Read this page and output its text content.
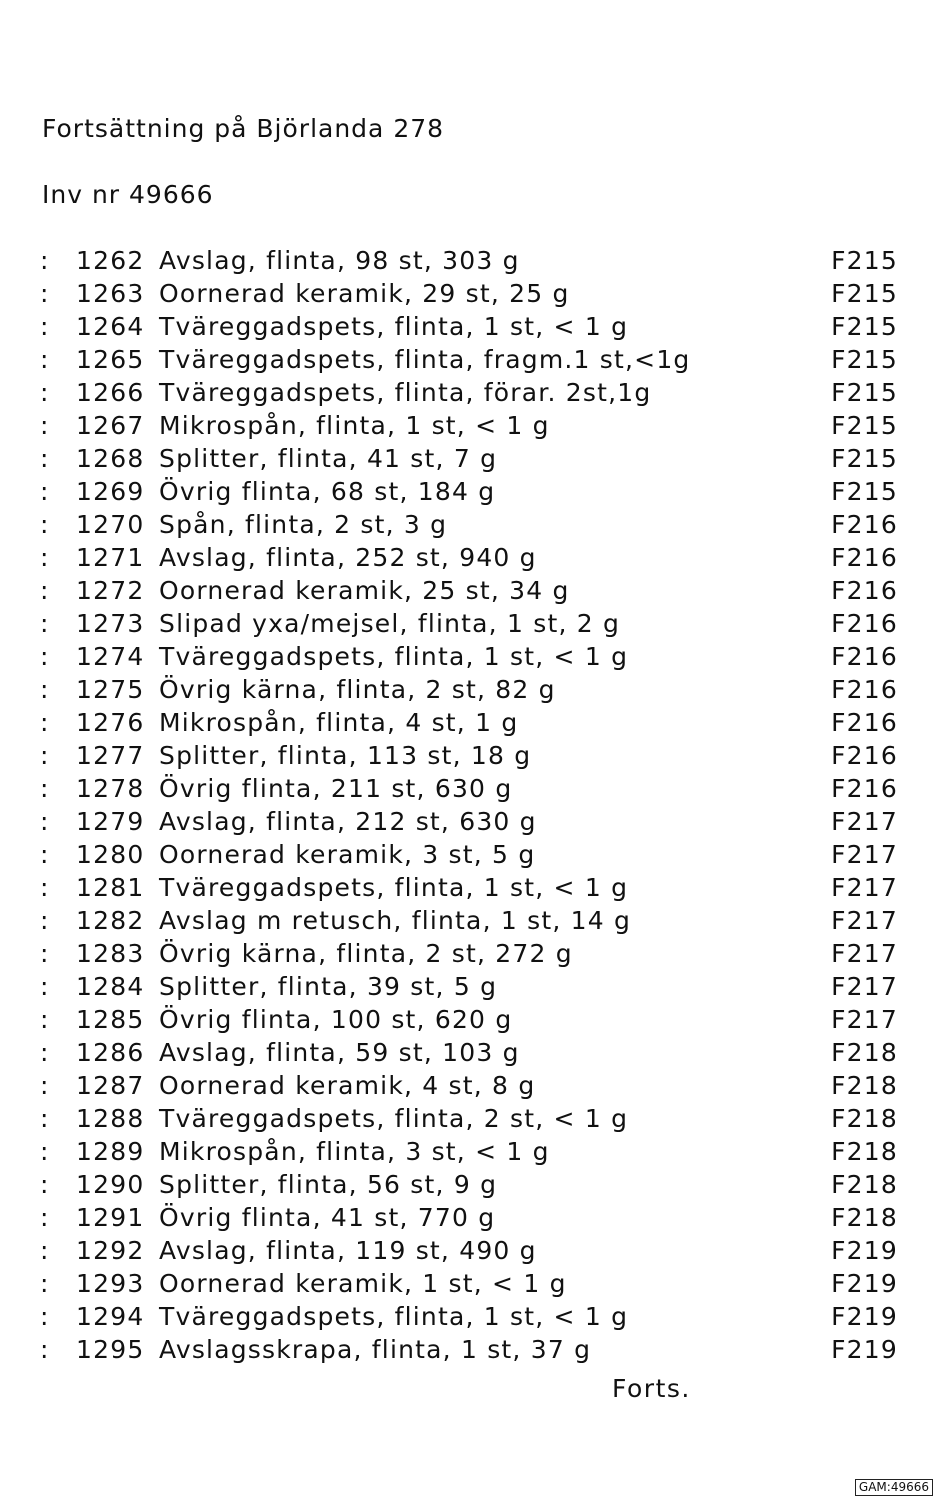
Fortsättning på Björlanda 278
Inv nr 49666
: 1262 Avslag, flinta, 98 st, 303 g	F215
: 1263 Oornerad keramik, 29 st, 25 g	F215
: 1264 Tväreggadspets, flinta, 1 st, < 1 g	F215
: 1265 Tväreggadspets, flinta, fragm.1 st,<1g	F215
: 1266 Tväreggadspets, flinta, förar. 2st,1g	F215
: 1267 Mikrospån, flinta, 1 st, < 1 g	F215
: 1268 Splitter, flinta, 41 st, 7 g	F215
: 1269 Övrig flinta, 68 st, 184 g	F215
: 1270 Spån, flinta, 2 st, 3 g	F216
: 1271 Avslag, flinta, 252 st, 940 g	F216
: 1272 Oornerad keramik, 25 st, 34 g	F216
: 1273 Slipad yxa/mejsel, flinta, 1 st, 2 g	F216
: 1274 Tväreggadspets, flinta, 1 st, < 1 g	F216
: 1275 Övrig kärna, flinta, 2 st, 82 g	F216
: 1276 Mikrospån, flinta, 4 st, 1 g	F216
: 1277 Splitter, flinta, 113 st, 18 g	F216
: 1278 Övrig flinta, 211 st, 630 g	F216
: 1279 Avslag, flinta, 212 st, 630 g	F217
: 1280 Oornerad keramik, 3 st, 5 g	F217
: 1281 Tväreggadspets, flinta, 1 st, < 1 g	F217
: 1282 Avslag m retusch, flinta, 1 st, 14 g	F217
: 1283 Övrig kärna, flinta, 2 st, 272 g	F217
: 1284 Splitter, flinta, 39 st, 5 g	F217
: 1285 Övrig flinta, 100 st, 620 g	F217
: 1286 Avslag, flinta, 59 st, 103 g	F218
: 1287 Oornerad keramik, 4 st, 8 g	F218
: 1288 Tväreggadspets, flinta, 2 st, < 1 g	F218
: 1289 Mikrospån, flinta, 3 st, < 1 g	F218
: 1290 Splitter, flinta, 56 st, 9 g	F218
: 1291 Övrig flinta, 41 st, 770 g	F218
: 1292 Avslag, flinta, 119 st, 490 g	F219
: 1293 Oornerad keramik, 1 st, < 1 g	F219
: 1294 Tväreggadspets, flinta, 1 st, < 1 g	F219
: 1295 Avslagsskrapa, flinta, 1 st, 37 g	F219
Forts.
GAM:49666
